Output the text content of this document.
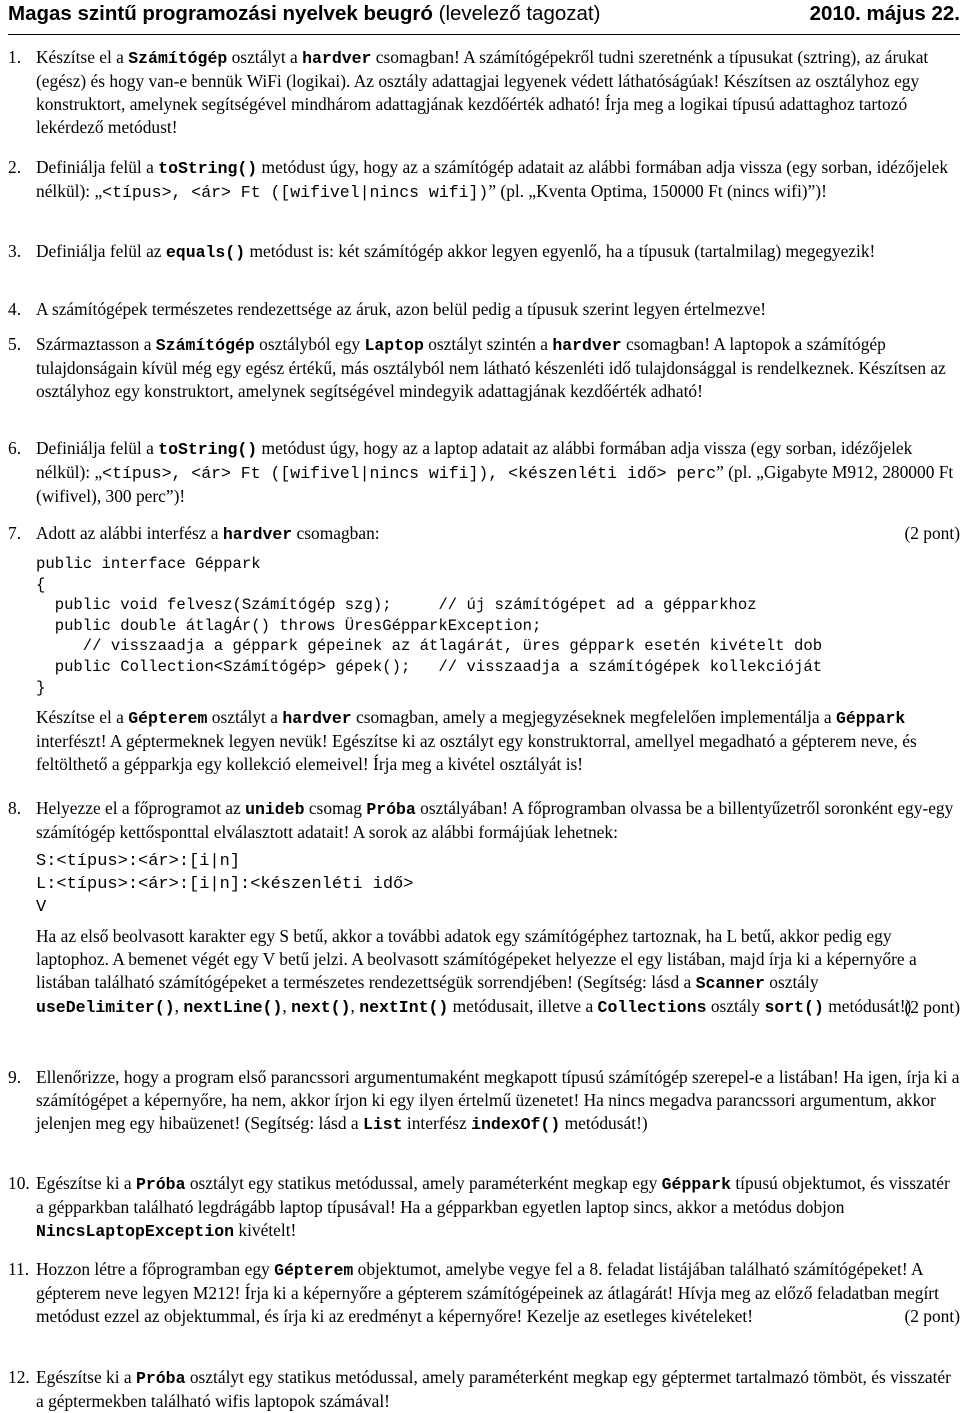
Magas szintű programozási nyelvek beugró (levelező tagozat)	2010. május 22.
1. Készítse el a Számítógép osztályt a hardver csomagban! A számítógépekről tudni szeretnénk a típusukat (sztring), az árukat (egész) és hogy van-e bennük WiFi (logikai). Az osztály adattagjai legyenek védett láthatóságúak! Készítsen az osztályhoz egy konstruktort, amelynek segítségével mindhárom adattagjának kezdőérték adható! Írja meg a logikai típusú adattaghoz tartozó lekérdező metódust!

2. Definiálja felül a toString() metódust úgy, hogy az a számítógép adatait az alábbi formában adja vissza (egy sorban, idézőjelek nélkül): „<típus>, <ár> Ft ([wifivel|nincs wifi])” (pl. „Kventa Optima, 150000 Ft (nincs wifi)”)!

3. Definiálja felül az equals() metódust is: két számítógép akkor legyen egyenlő, ha a típusuk (tartalmilag) megegyezik!

4. A számítógépek természetes rendezettsége az áruk, azon belül pedig a típusuk szerint legyen értelmezve!

5. Származtasson a Számítógép osztályból egy Laptop osztályt szintén a hardver csomagban! A laptopok a számítógép tulajdonságain kívül még egy egész értékű, más osztályból nem látható készenléti idő tulajdonsággal is rendelkeznek. Készítsen az osztályhoz egy konstruktort, amelynek segítségével mindegyik adattagjának kezdőérték adható!

6. Definiálja felül a toString() metódust úgy, hogy az a laptop adatait az alábbi formában adja vissza (egy sorban, idézőjelek nélkül): „<típus>, <ár> Ft ([wifivel|nincs wifi]), <készenléti idő> perc” (pl. „Gigabyte M912, 280000 Ft (wifivel), 300 perc”)!

7.	(2 pont)
Adott az alábbi interfész a hardver csomagban:

public interface Géppark
{
public void felvesz(Számítógép szg);     // új számítógépet ad a gépparkhoz
public double átlagÁr() throws ÜresGépparkException;
// visszaadja a géppark gépeinek az átlagárát, üres géppark esetén kivételt dob
public Collection<Számítógép> gépek();   // visszaadja a számítógépek kollekcióját
}

Készítse el a Gépterem osztályt a hardver csomagban, amely a megjegyzéseknek megfelelően implementálja a Géppark interfészt! A géptermeknek legyen nevük! Egészítse ki az osztályt egy konstruktorral, amellyel megadható a gépterem neve, és feltölthető a gépparkja egy kollekció elemeivel! Írja meg a kivétel osztályát is!

8. Helyezze el a főprogramot az unideb csomag Próba osztályában! A főprogramban olvassa be a billentyűzetről soronként egy-egy számítógép kettősponttal elválasztott adatait! A sorok az alábbi formájúak lehetnek:

S:<típus>:<ár>:[i|n]
L:<típus>:<ár>:[i|n]:<készenléti idő>
V

(2 pont)
Ha az első beolvasott karakter egy S betű, akkor a további adatok egy számítógéphez tartoznak, ha L betű, akkor pedig egy laptophoz. A bemenet végét egy V betű jelzi. A beolvasott számítógépeket helyezze el egy listában, majd írja ki a képernyőre a listában található számítógépeket a természetes rendezettségük sorrendjében! (Segítség: lásd a Scanner osztály useDelimiter(), nextLine(), next(), nextInt() metódusait, illetve a Collections osztály sort() metódusát!)

9. Ellenőrizze, hogy a program első parancssori argumentumaként megkapott típusú számítógép szerepel-e a listában! Ha igen, írja ki a számítógépet a képernyőre, ha nem, akkor írjon ki egy ilyen értelmű üzenetet! Ha nincs megadva parancssori argumentum, akkor jelenjen meg egy hibaüzenet! (Segítség: lásd a List interfész indexOf() metódusát!)

10. Egészítse ki a Próba osztályt egy statikus metódussal, amely paraméterként megkap egy Géppark típusú objektumot, és visszatér a gépparkban található legdrágább laptop típusával! Ha a gépparkban egyetlen laptop sincs, akkor a metódus dobjon NincsLaptopException kivételt!

11.

(2 pont)
Hozzon létre a főprogramban egy Gépterem objektumot, amelybe vegye fel a 8. feladat listájában található számítógépeket! A gépterem neve legyen M212! Írja ki a képernyőre a gépterem számítógépeinek az átlagárát! Hívja meg az előző feladatban megírt metódust ezzel az objektummal, és írja ki az eredményt a képernyőre! Kezelje az esetleges kivételeket!

12. Egészítse ki a Próba osztályt egy statikus metódussal, amely paraméterként megkap egy géptermet tartalmazó tömböt, és visszatér a géptermekben található wifis laptopok számával!
